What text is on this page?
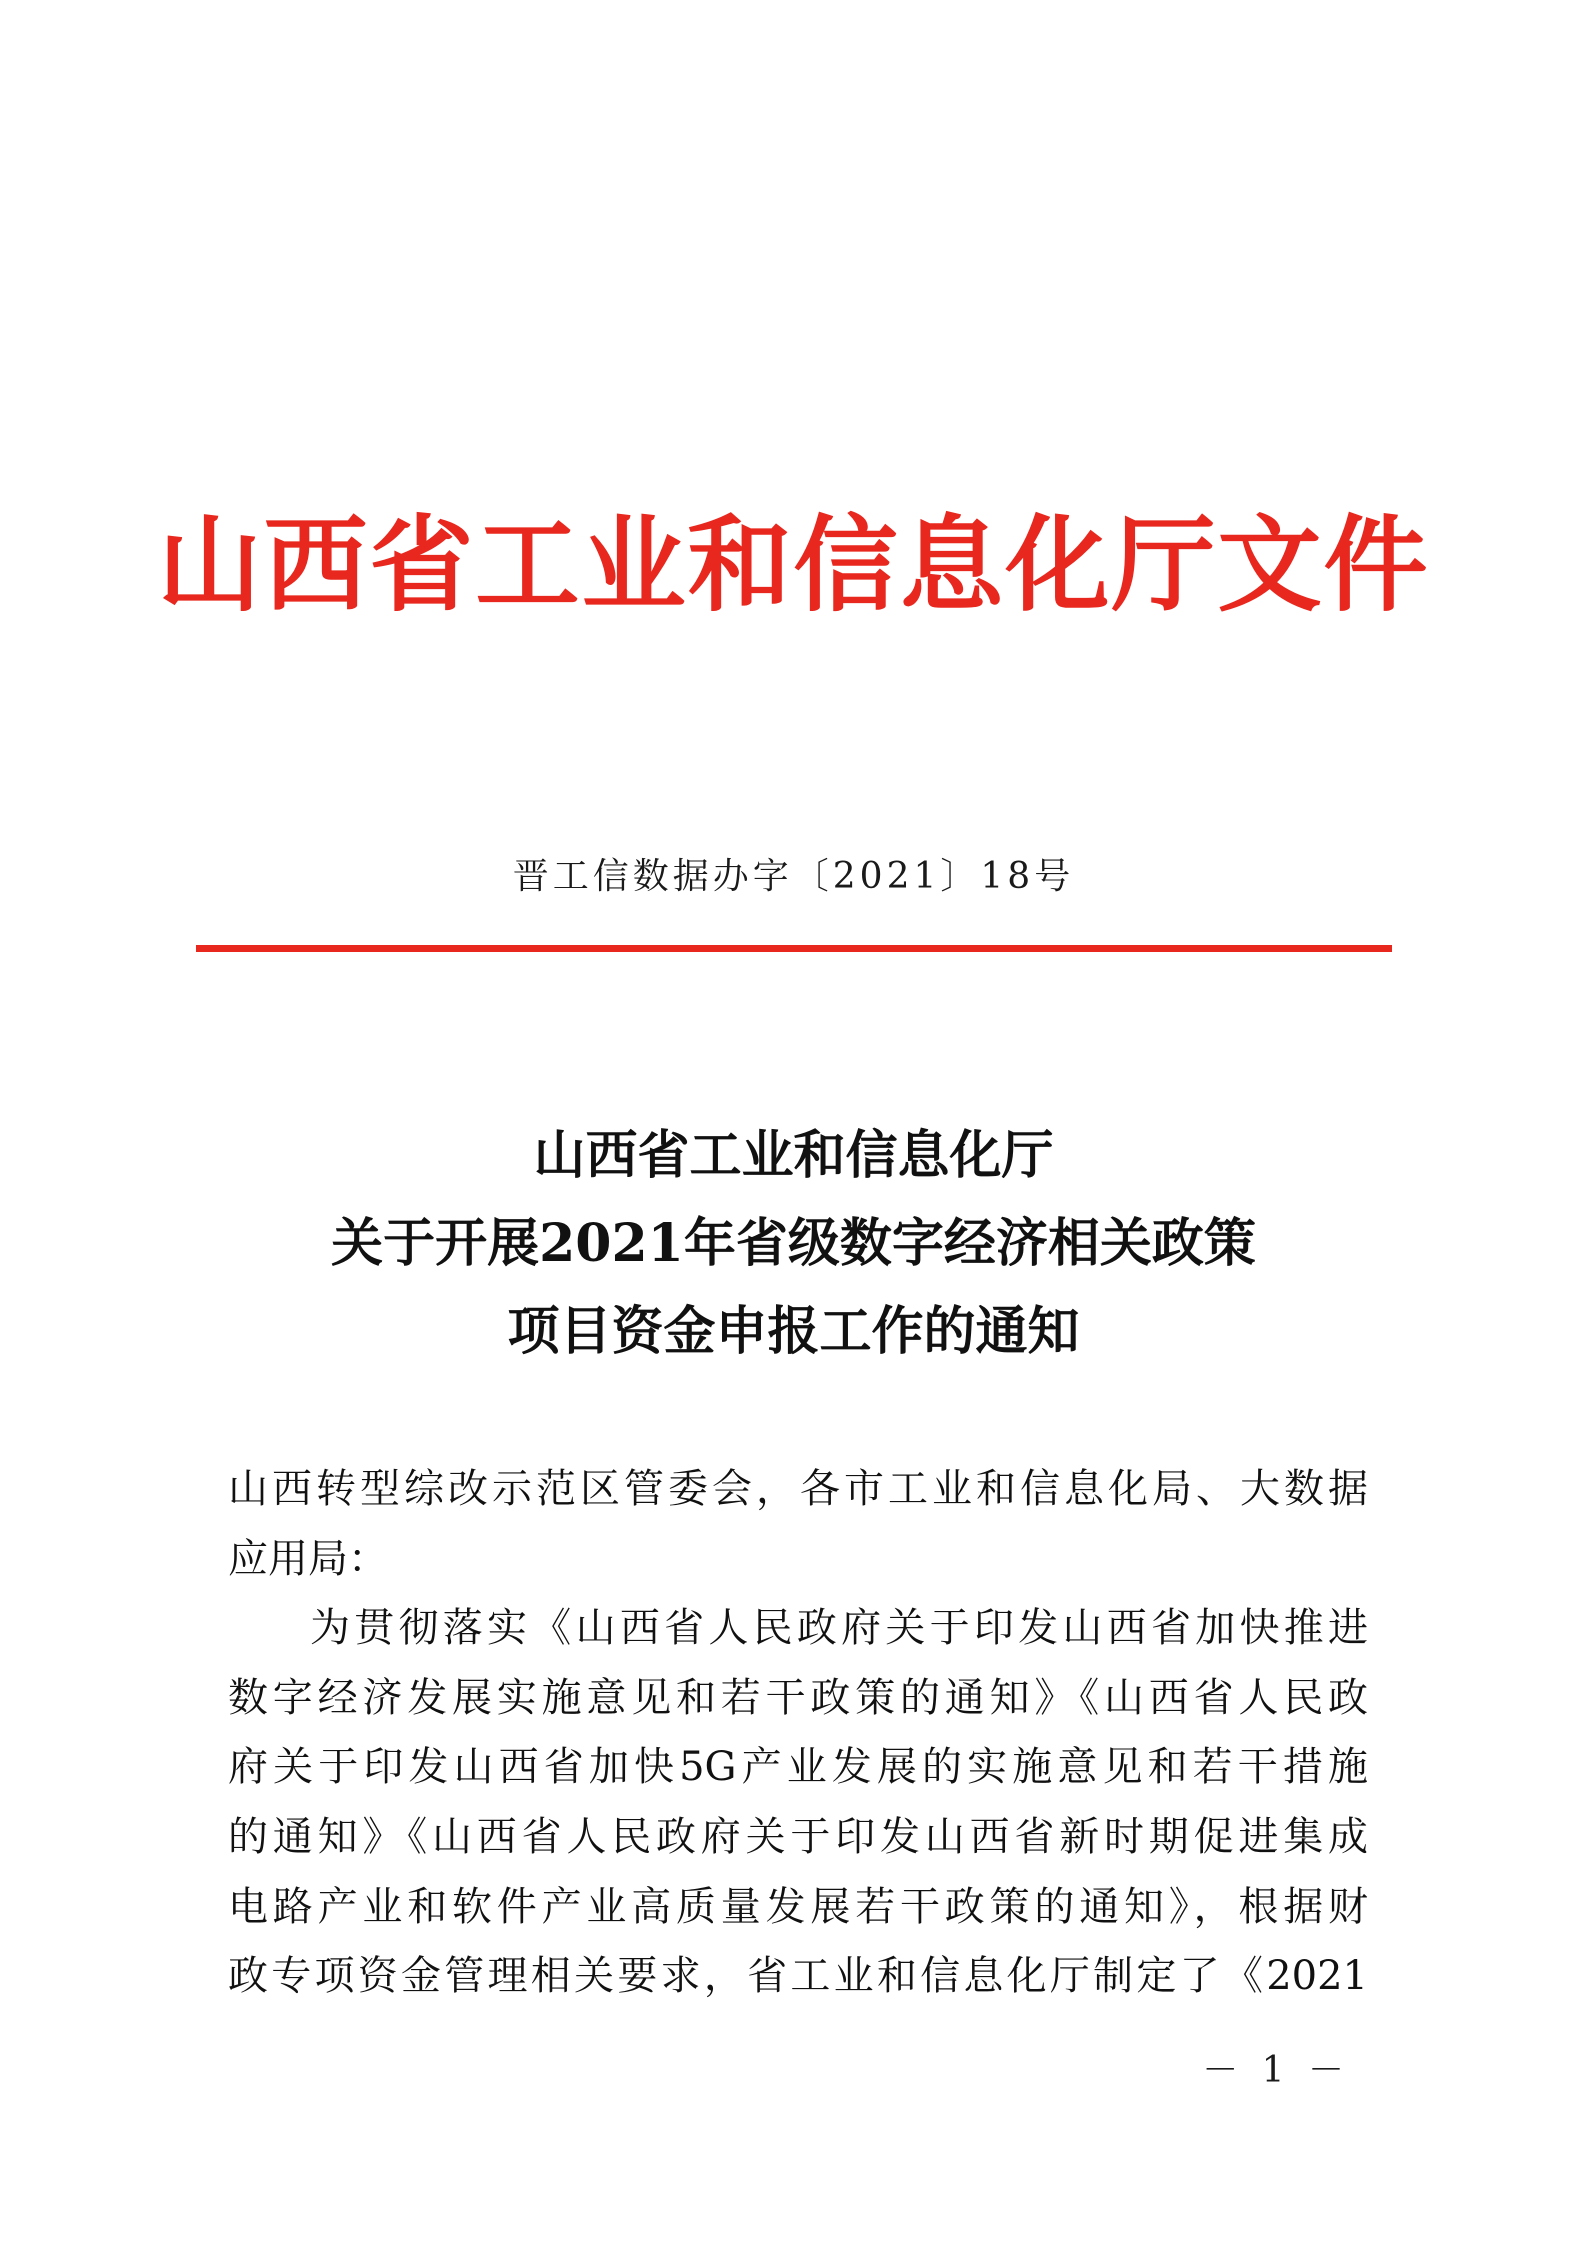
山西省工业和信息化厅文件
晋工信数据办字〔2021〕18号
山西省工业和信息化厅
关于开展2021年省级数字经济相关政策
项目资金申报工作的通知
山西转型综改示范区管委会，各市工业和信息化局、大数据
应用局：
为贯彻落实《山西省人民政府关于印发山西省加快推进
数字经济发展实施意见和若干政策的通知》《山西省人民政
府关于印发山西省加快5G产业发展的实施意见和若干措施
的通知》《山西省人民政府关于印发山西省新时期促进集成
电路产业和软件产业高质量发展若干政策的通知》，根据财
政专项资金管理相关要求，省工业和信息化厅制定了《2021
－ 1 －
